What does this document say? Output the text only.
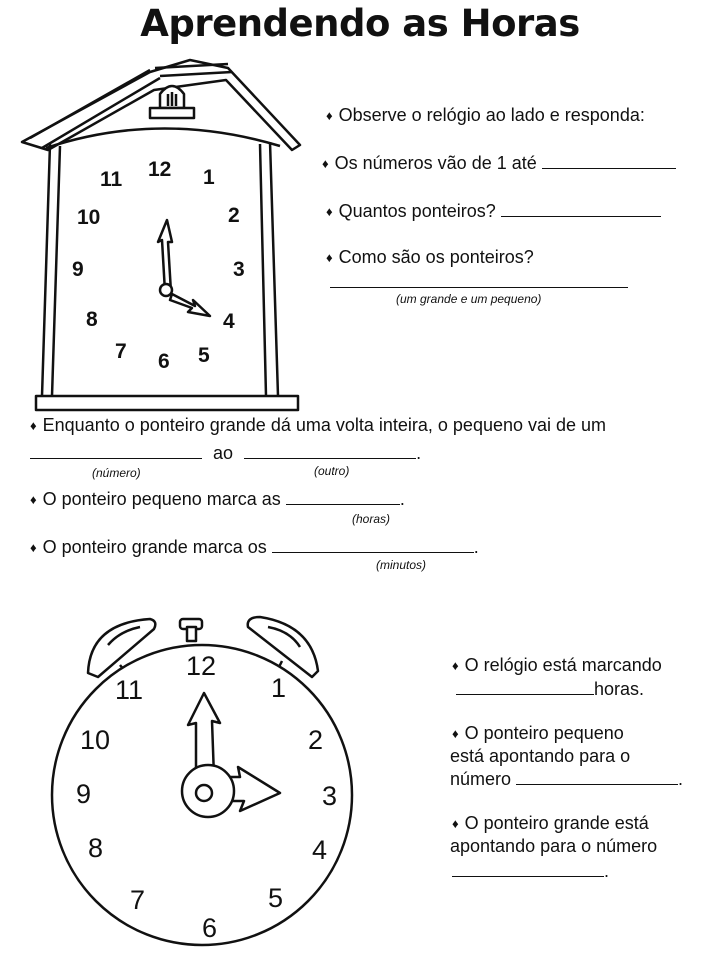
Aprendendo as Horas
12 1
2
3
4
5
6
7
8
9
10
11
♦ Observe o relógio ao lado e responda:
♦ Os números vão de 1 até
♦ Quantos ponteiros?
♦ Como são os ponteiros?
(um grande e um pequeno)
♦ Enquanto o ponteiro grande dá uma volta inteira, o pequeno vai de um
ao	.
(número)	(outro)
♦ O ponteiro pequeno marca as	.
(horas)
♦ O ponteiro grande marca os	.
(minutos)
12
1
2
3
4
5
6
7
8
9
10
11
♦ O relógio está marcando
horas.
♦ O ponteiro pequeno
está apontando para o
número	.
♦ O ponteiro grande está
apontando para o número
.
